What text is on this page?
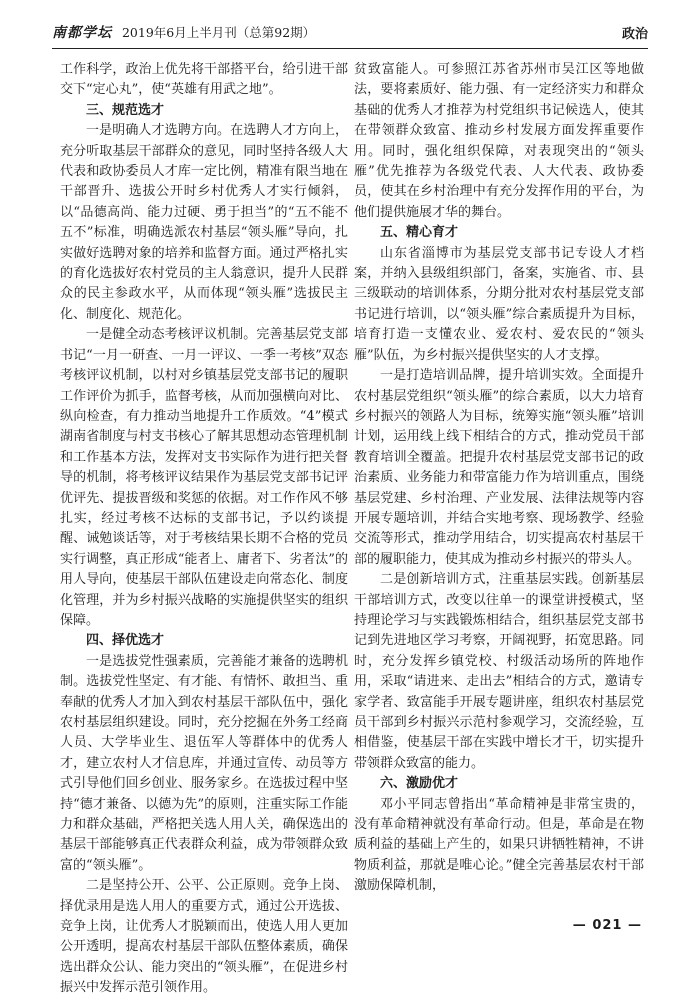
南都学坛 2019年6月上半月刊（总第92期）	政治

工作科学，政治上优先将干部搭平台，给引进干部交下“定心丸”，使“英雄有用武之地”。

三、规范选才

一是明确人才选聘方向。在选聘人才方向上，充分听取基层干部群众的意见，同时坚持各级人大代表和政协委员人才库一定比例，精准有限当地在干部晋升、选拔公开时乡村优秀人才实行倾斜，以“品德高尚、能力过硬、勇于担当”的“五不能不五不”标准，明确选派农村基层“领头雁”导向，扎实做好选聘对象的培养和监督方面。通过严格扎实的育化选拔好农村党员的主人翁意识，提升人民群众的民主参政水平，从而体现“领头雁”选拔民主化、制度化、规范化。

一是健全动态考核评议机制。完善基层党支部书记“一月一研查、一月一评议、一季一考核”双态考核评议机制，以村对乡镇基层党支部书记的履职工作评价为抓手，监督考核，从而加强横向对比、纵向检查，有力推动当地提升工作质效。“4”模式湖南省制度与村支书核心了解其思想动态管理机制和工作基本方法，发挥对支书实际作为进行把关督导的机制，将考核评议结果作为基层党支部书记评优评先、提拔晋级和奖惩的依据。对工作作风不够扎实，经过考核不达标的支部书记，予以约谈提醒、诫勉谈话等，对于考核结果长期不合格的党员实行调整，真正形成“能者上、庸者下、劣者汰”的用人导向，使基层干部队伍建设走向常态化、制度化管理，并为乡村振兴战略的实施提供坚实的组织保障。

四、择优选才

一是选拔党性强素质，完善能才兼备的选聘机制。选拔党性坚定、有才能、有情怀、敢担当、重奉献的优秀人才加入到农村基层干部队伍中，强化农村基层组织建设。同时，充分挖掘在外务工经商人员、大学毕业生、退伍军人等群体中的优秀人才，建立农村人才信息库，并通过宣传、动员等方式引导他们回乡创业、服务家乡。在选拔过程中坚持“德才兼备、以德为先”的原则，注重实际工作能力和群众基础，严格把关选人用人关，确保选出的基层干部能够真正代表群众利益，成为带领群众致富的“领头雁”。

二是坚持公开、公平、公正原则。竞争上岗、择优录用是选人用人的重要方式，通过公开选拔、竞争上岗，让优秀人才脱颖而出，使选人用人更加公开透明，提高农村基层干部队伍整体素质，确保选出群众公认、能力突出的“领头雁”，在促进乡村振兴中发挥示范引领作用。

贫致富能人。可参照江苏省苏州市吴江区等地做法，要将素质好、能力强、有一定经济实力和群众基础的优秀人才推荐为村党组织书记候选人，使其在带领群众致富、推动乡村发展方面发挥重要作用。同时，强化组织保障，对表现突出的“领头雁”优先推荐为各级党代表、人大代表、政协委员，使其在乡村治理中有充分发挥作用的平台，为他们提供施展才华的舞台。

五、精心育才

山东省淄博市为基层党支部书记专设人才档案，并纳入县级组织部门，备案，实施省、市、县三级联动的培训体系，分期分批对农村基层党支部书记进行培训，以“领头雁”综合素质提升为目标，培育打造一支懂农业、爱农村、爱农民的“领头雁”队伍，为乡村振兴提供坚实的人才支撑。

一是打造培训品牌，提升培训实效。全面提升农村基层党组织“领头雁”的综合素质，以大力培育乡村振兴的领路人为目标，统筹实施“领头雁”培训计划，运用线上线下相结合的方式，推动党员干部教育培训全覆盖。把提升农村基层党支部书记的政治素质、业务能力和带富能力作为培训重点，围绕基层党建、乡村治理、产业发展、法律法规等内容开展专题培训，并结合实地考察、现场教学、经验交流等形式，推动学用结合，切实提高农村基层干部的履职能力，使其成为推动乡村振兴的带头人。

二是创新培训方式，注重基层实践。创新基层干部培训方式，改变以往单一的课堂讲授模式，坚持理论学习与实践锻炼相结合，组织基层党支部书记到先进地区学习考察，开阔视野，拓宽思路。同时，充分发挥乡镇党校、村级活动场所的阵地作用，采取“请进来、走出去”相结合的方式，邀请专家学者、致富能手开展专题讲座，组织农村基层党员干部到乡村振兴示范村参观学习，交流经验，互相借鉴，使基层干部在实践中增长才干，切实提升带领群众致富的能力。

六、激励优才

邓小平同志曾指出“革命精神是非常宝贵的，没有革命精神就没有革命行动。但是，革命是在物质利益的基础上产生的，如果只讲牺牲精神，不讲物质利益，那就是唯心论。”健全完善基层农村干部激励保障机制，

— 021 —
